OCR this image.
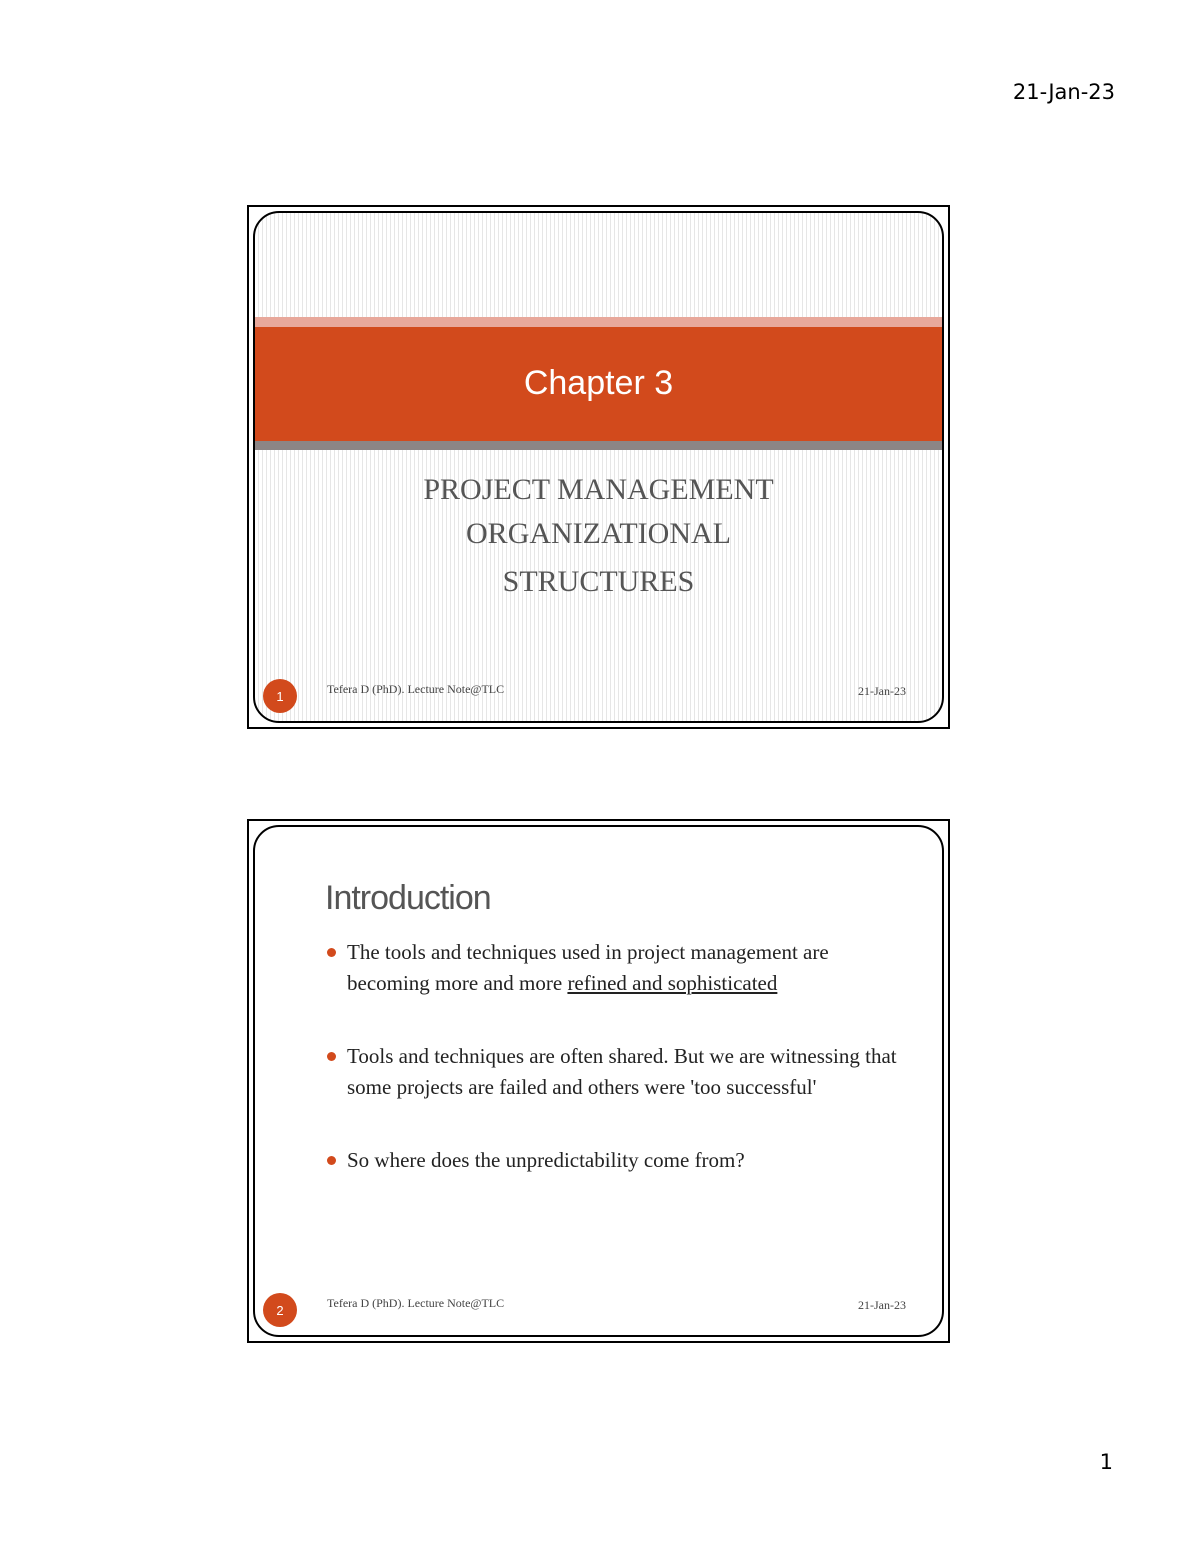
21-Jan-23
Chapter 3
PROJECT MANAGEMENT
ORGANIZATIONAL
STRUCTURES
1	Tefera D (PhD). Lecture Note@TLC	21-Jan-23
Introduction
The tools and techniques used in project management are becoming more and more refined and sophisticated
Tools and techniques are often shared. But we are witnessing that some projects are failed and others were 'too successful'
So where does the unpredictability come from?
2	Tefera D (PhD). Lecture Note@TLC	21-Jan-23
1
